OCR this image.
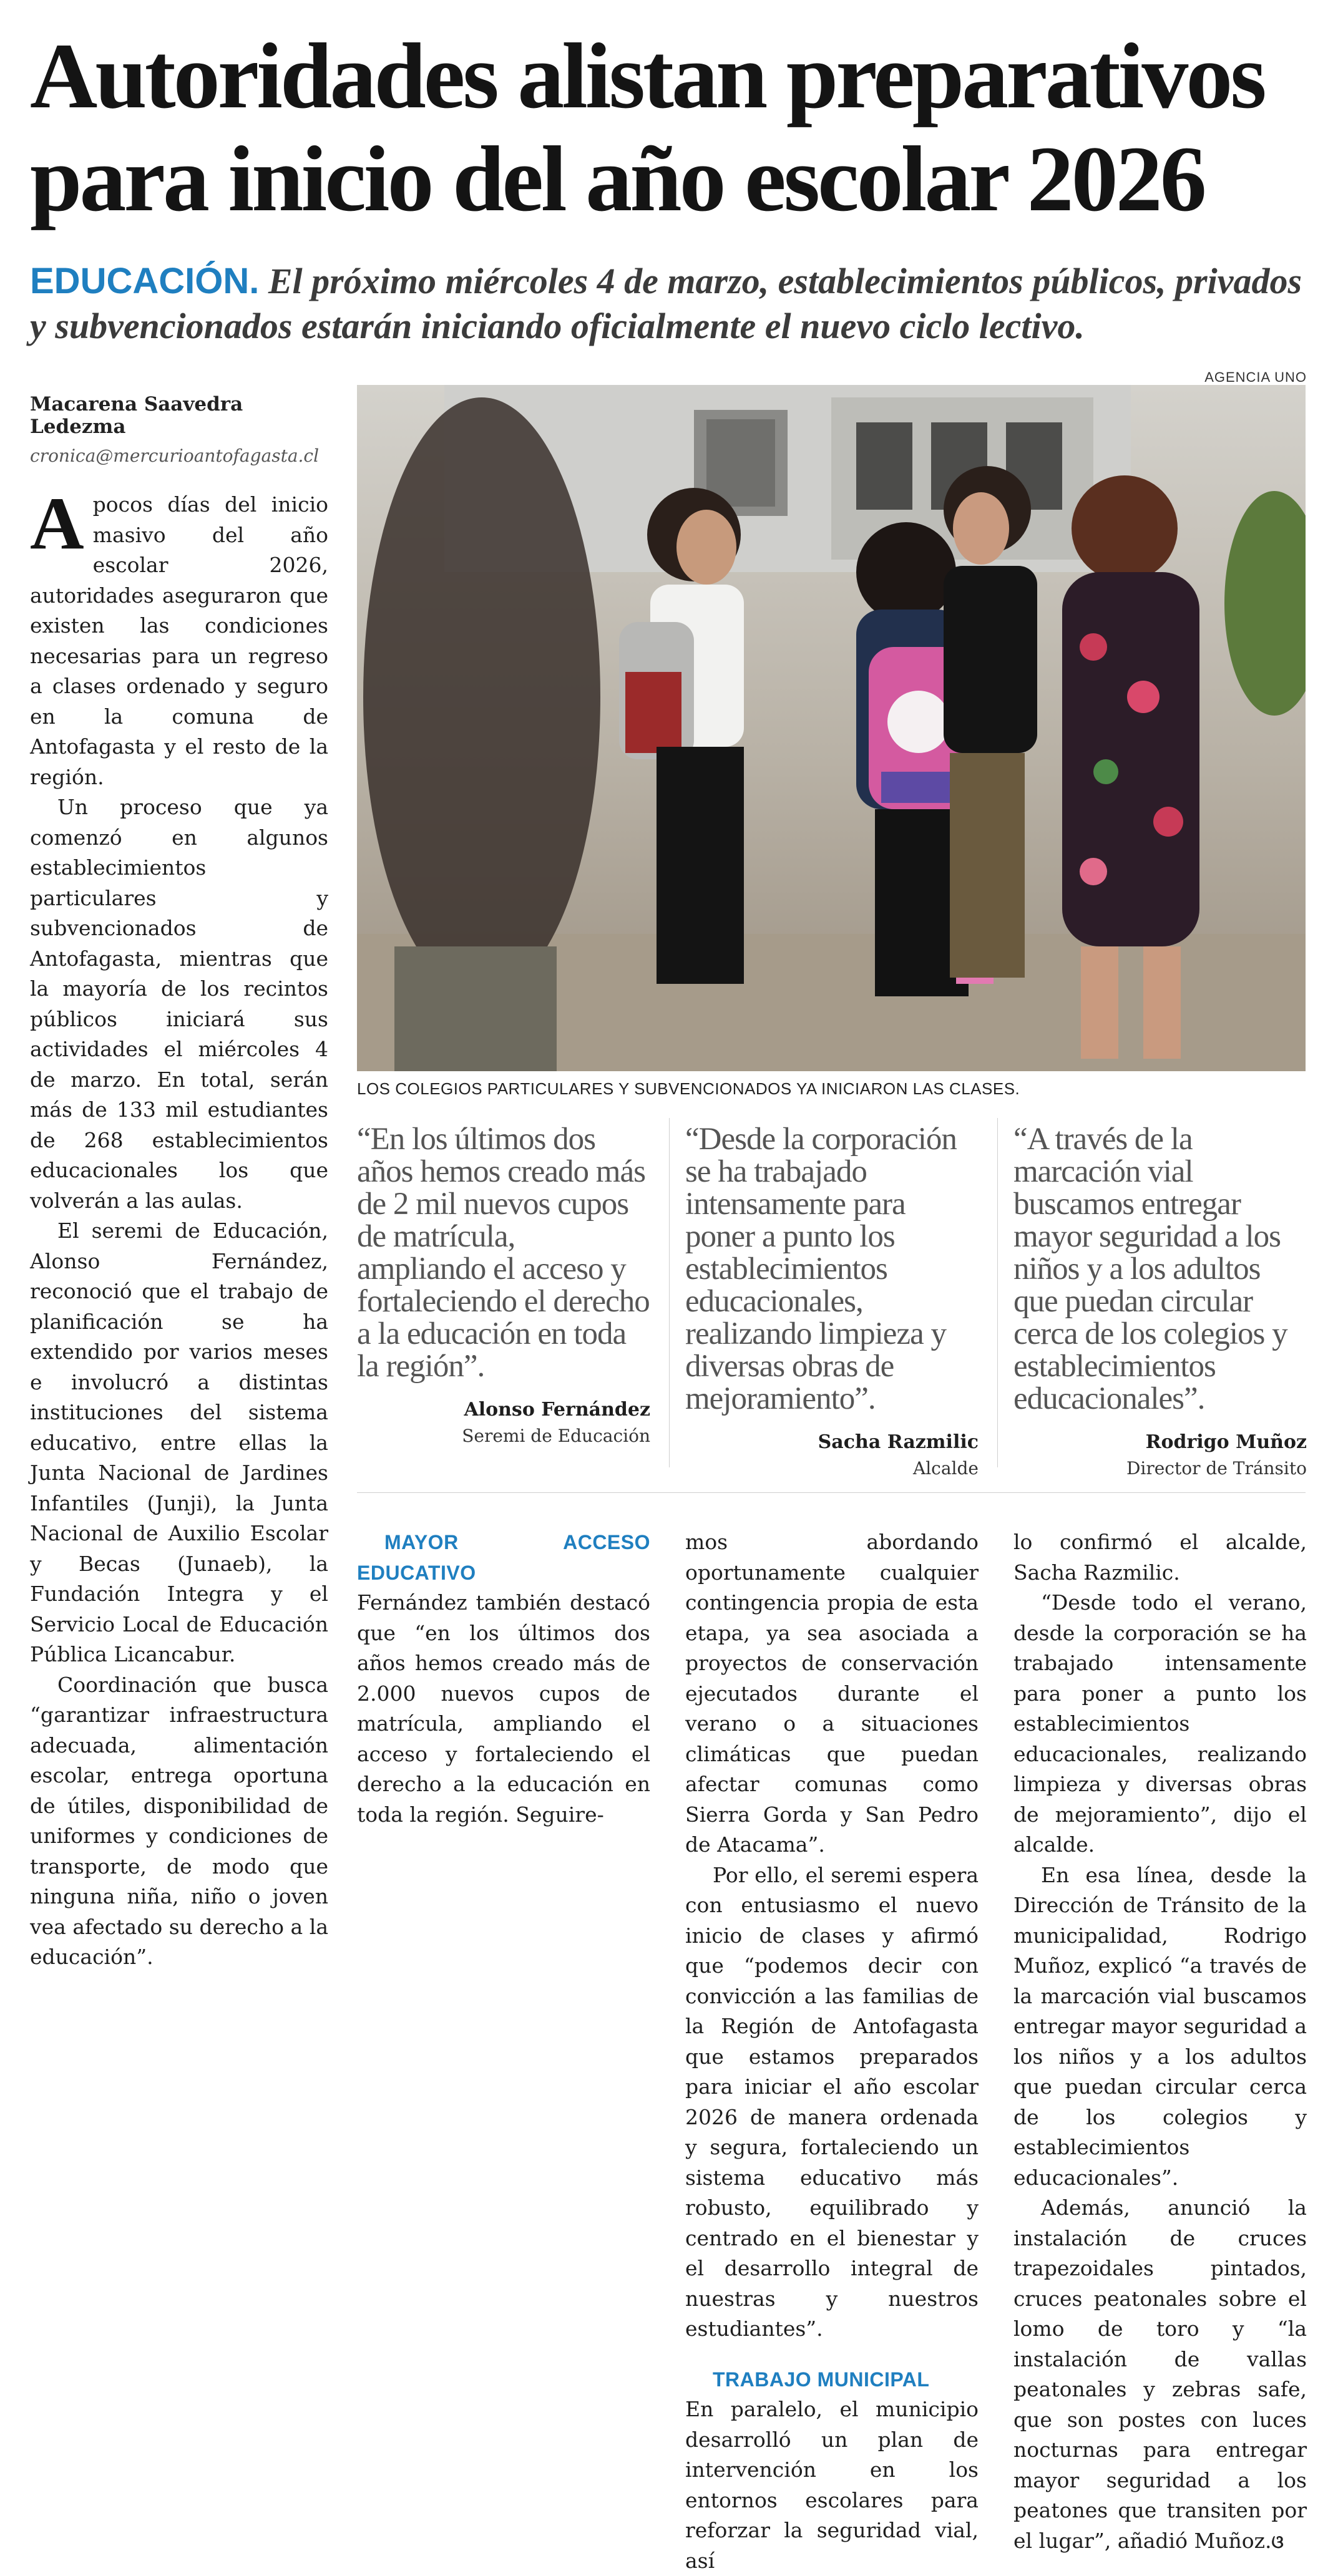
Autoridades alistan preparativos
para inicio del año escolar 2026

EDUCACIÓN. El próximo miércoles 4 de marzo, establecimientos públicos, privados y subvencionados estarán iniciando oficialmente el nuevo ciclo lectivo.

AGENCIA UNO
Macarena Saavedra Ledezma
cronica@mercurioantofagasta.cl

Apocos días del inicio masivo del año escolar 2026, autoridades aseguraron que existen las condiciones necesarias para un regreso a clases ordenado y seguro en la comuna de Antofagasta y el resto de la región.

Un proceso que ya comenzó en algunos establecimientos particulares y subvencionados de Antofagasta, mientras que la mayoría de los recintos públicos iniciará sus actividades el miércoles 4 de marzo. En total, serán más de 133 mil estudiantes de 268 establecimientos educacionales los que volverán a las aulas.

El seremi de Educación, Alonso Fernández, reconoció que el trabajo de planificación se ha extendido por varios meses e involucró a distintas instituciones del sistema educativo, entre ellas la Junta Nacional de Jardines Infantiles (Junji), la Junta Nacional de Auxilio Escolar y Becas (Junaeb), la Fundación Integra y el Servicio Local de Educación Pública Licancabur.

Coordinación que busca “garantizar infraestructura adecuada, alimentación escolar, entrega oportuna de útiles, disponibilidad de uniformes y condiciones de transporte, de modo que ninguna niña, niño o joven vea afectado su derecho a la educación”.

LOS COLEGIOS PARTICULARES Y SUBVENCIONADOS YA INICIARON LAS CLASES.
“En los últimos dos años hemos creado más de 2 mil nuevos cupos de matrícula, ampliando el acceso y fortaleciendo el derecho a la educación en toda la región”.
Alonso Fernández
Seremi de Educación
“Desde la corporación se ha trabajado intensamente para poner a punto los establecimientos educacionales, realizando limpieza y diversas obras de mejoramiento”.
Sacha Razmilic
Alcalde
“A través de la marcación vial buscamos entregar mayor seguridad a los niños y a los adultos que puedan circular cerca de los colegios y establecimientos educacionales”.
Rodrigo Muñoz
Director de Tránsito

MAYOR ACCESO EDUCATIVO

Fernández también destacó que “en los últimos dos años hemos creado más de 2.000 nuevos cupos de matrícula, ampliando el acceso y fortaleciendo el derecho a la educación en toda la región. Seguire-

mos abordando oportunamente cualquier contingencia propia de esta etapa, ya sea asociada a proyectos de conservación ejecutados durante el verano o a situaciones climáticas que puedan afectar comunas como Sierra Gorda y San Pedro de Atacama”.

Por ello, el seremi espera con entusiasmo el nuevo inicio de clases y afirmó que “podemos decir con convicción a las familias de la Región de Antofagasta que estamos preparados para iniciar el año escolar 2026 de manera ordenada y segura, fortaleciendo un sistema educativo más robusto, equilibrado y centrado en el bienestar y el desarrollo integral de nuestras y nuestros estudiantes”.

TRABAJO MUNICIPAL

En paralelo, el municipio desarrolló un plan de intervención en los entornos escolares para reforzar la seguridad vial, así

lo confirmó el alcalde, Sacha Razmilic.

“Desde todo el verano, desde la corporación se ha trabajado intensamente para poner a punto los establecimientos educacionales, realizando limpieza y diversas obras de mejoramiento”, dijo el alcalde.

En esa línea, desde la Dirección de Tránsito de la municipalidad, Rodrigo Muñoz, explicó “a través de la marcación vial buscamos entregar mayor seguridad a los niños y a los adultos que puedan circular cerca de los colegios y establecimientos educacionales”.

Además, anunció la instalación de cruces trapezoidales pintados, cruces peatonales sobre el lomo de toro y “la instalación de vallas peatonales y zebras safe, que son postes con luces nocturnas para entregar mayor seguridad a los peatones que transiten por el lugar”, añadió Muñoz.ଓ
